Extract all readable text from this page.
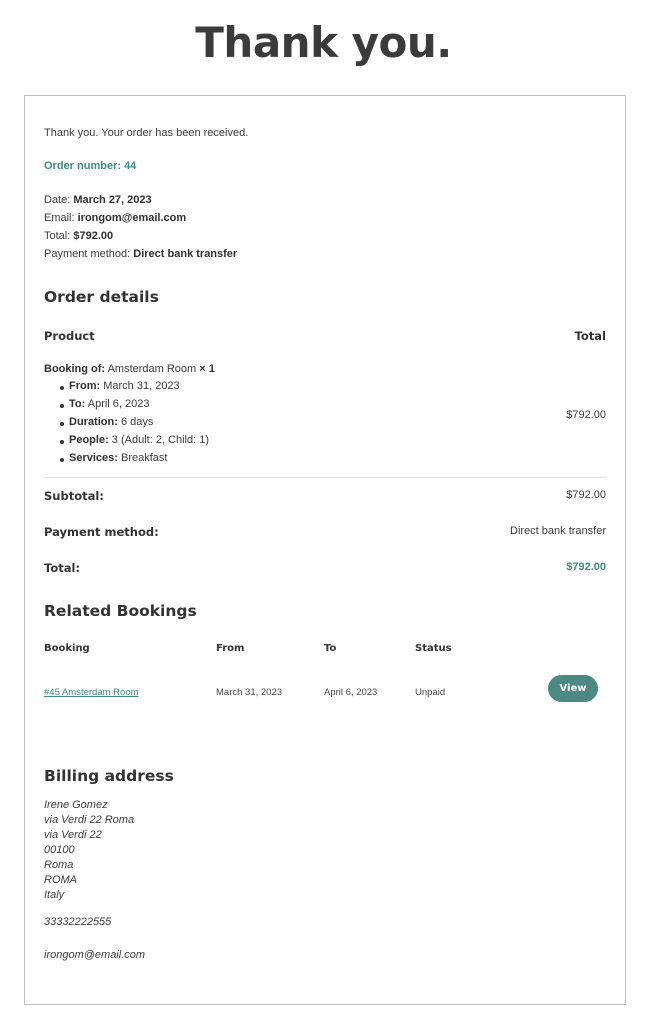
Thank you.
Thank you. Your order has been received.
Order number: 44
Date: March 27, 2023
Email: irongom@email.com
Total: $792.00
Payment method: Direct bank transfer
Order details
Product	Total
Booking of: Amsterdam Room × 1
From: March 31, 2023
To: April 6, 2023
Duration: 6 days
People: 3 (Adult: 2, Child: 1)
Services: Breakfast
$792.00
Subtotal:	$792.00
Payment method:	Direct bank transfer
Total:	$792.00
Related Bookings
Booking	From	To	Status
#45 Amsterdam Room	March 31, 2023	April 6, 2023	Unpaid	View
Billing address
Irene Gomez
via Verdi 22 Roma
via Verdi 22
00100
Roma
ROMA
Italy
33332222555
irongom@email.com
